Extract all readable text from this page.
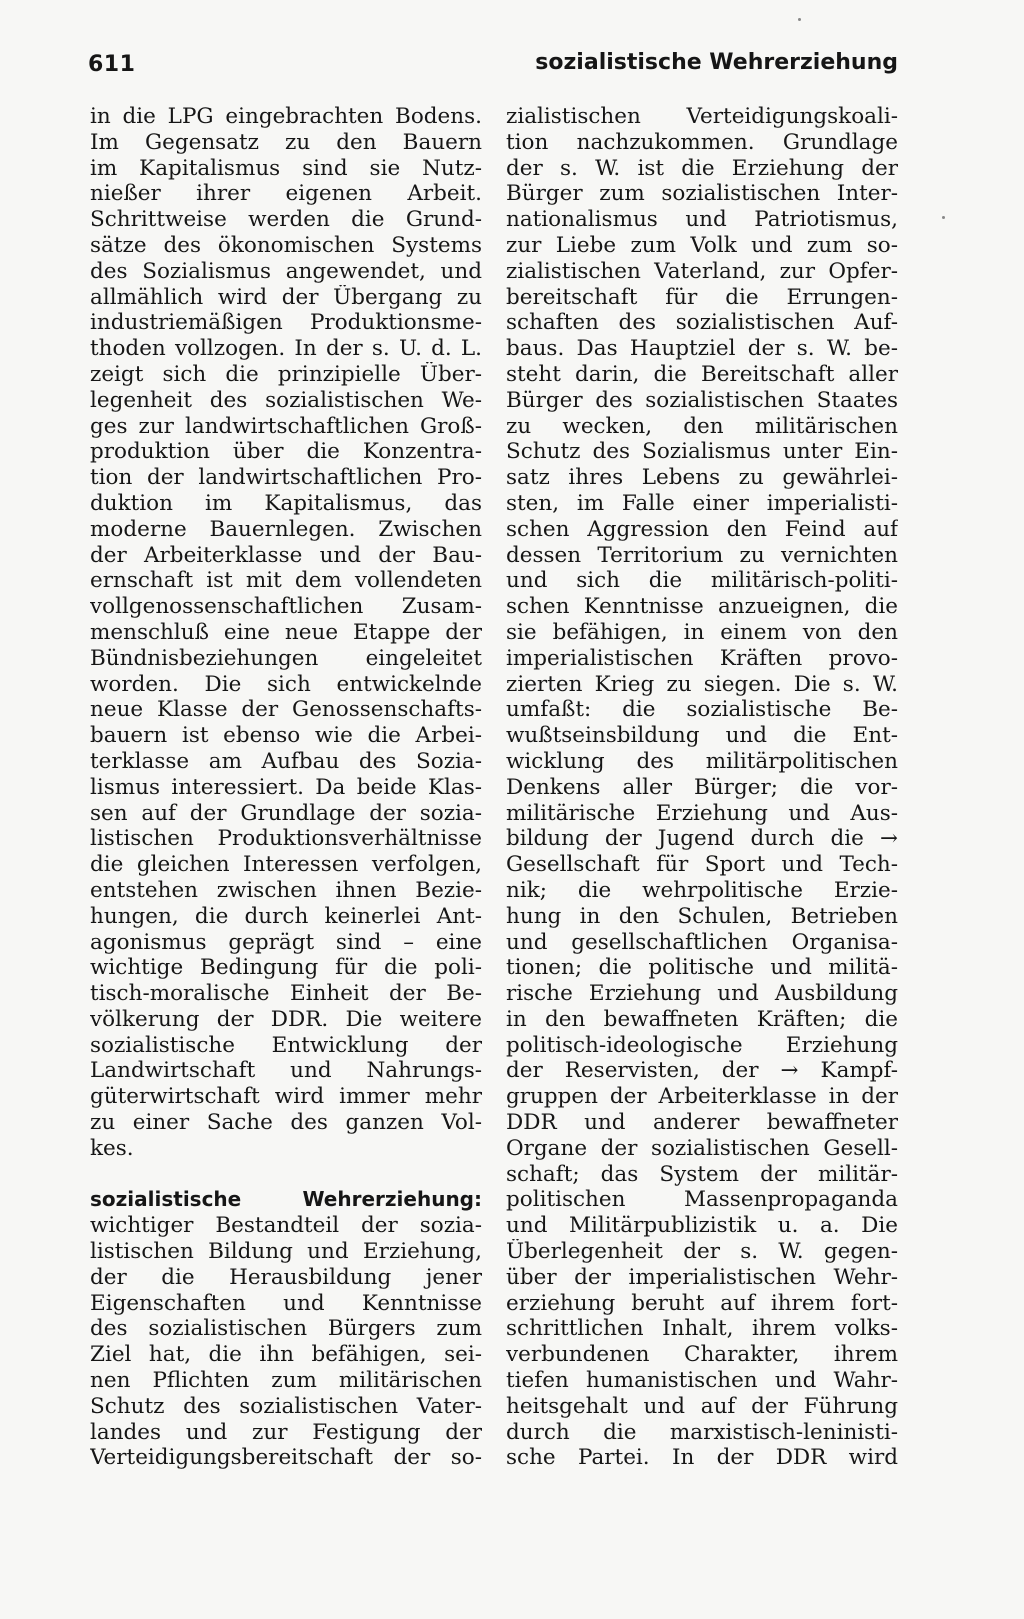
611	sozialistische Wehrerziehung
in die LPG eingebrachten Bodens.
Im Gegensatz zu den Bauern
im Kapitalismus sind sie Nutz-
nießer ihrer eigenen Arbeit.
Schrittweise werden die Grund-
sätze des ökonomischen Systems
des Sozialismus angewendet, und
allmählich wird der Übergang zu
industriemäßigen Produktionsme-
thoden vollzogen. In der s. U. d. L.
zeigt sich die prinzipielle Über-
legenheit des sozialistischen We-
ges zur landwirtschaftlichen Groß-
produktion über die Konzentra-
tion der landwirtschaftlichen Pro-
duktion im Kapitalismus, das
moderne Bauernlegen. Zwischen
der Arbeiterklasse und der Bau-
ernschaft ist mit dem vollendeten
vollgenossenschaftlichen Zusam-
menschluß eine neue Etappe der
Bündnisbeziehungen eingeleitet
worden. Die sich entwickelnde
neue Klasse der Genossenschafts-
bauern ist ebenso wie die Arbei-
terklasse am Aufbau des Sozia-
lismus interessiert. Da beide Klas-
sen auf der Grundlage der sozia-
listischen Produktionsverhältnisse
die gleichen Interessen verfolgen,
entstehen zwischen ihnen Bezie-
hungen, die durch keinerlei Ant-
agonismus geprägt sind – eine
wichtige Bedingung für die poli-
tisch-moralische Einheit der Be-
völkerung der DDR. Die weitere
sozialistische Entwicklung der
Landwirtschaft und Nahrungs-
güterwirtschaft wird immer mehr
zu einer Sache des ganzen Vol-
kes.
sozialistische Wehrerziehung:
wichtiger Bestandteil der sozia-
listischen Bildung und Erziehung,
der die Herausbildung jener
Eigenschaften und Kenntnisse
des sozialistischen Bürgers zum
Ziel hat, die ihn befähigen, sei-
nen Pflichten zum militärischen
Schutz des sozialistischen Vater-
landes und zur Festigung der
Verteidigungsbereitschaft der so-
zialistischen Verteidigungskoali-
tion nachzukommen. Grundlage
der s. W. ist die Erziehung der
Bürger zum sozialistischen Inter-
nationalismus und Patriotismus,
zur Liebe zum Volk und zum so-
zialistischen Vaterland, zur Opfer-
bereitschaft für die Errungen-
schaften des sozialistischen Auf-
baus. Das Hauptziel der s. W. be-
steht darin, die Bereitschaft aller
Bürger des sozialistischen Staates
zu wecken, den militärischen
Schutz des Sozialismus unter Ein-
satz ihres Lebens zu gewährlei-
sten, im Falle einer imperialisti-
schen Aggression den Feind auf
dessen Territorium zu vernichten
und sich die militärisch-politi-
schen Kenntnisse anzueignen, die
sie befähigen, in einem von den
imperialistischen Kräften provo-
zierten Krieg zu siegen. Die s. W.
umfaßt: die sozialistische Be-
wußtseinsbildung und die Ent-
wicklung des militärpolitischen
Denkens aller Bürger; die vor-
militärische Erziehung und Aus-
bildung der Jugend durch die →
Gesellschaft für Sport und Tech-
nik; die wehrpolitische Erzie-
hung in den Schulen, Betrieben
und gesellschaftlichen Organisa-
tionen; die politische und militä-
rische Erziehung und Ausbildung
in den bewaffneten Kräften; die
politisch-ideologische Erziehung
der Reservisten, der → Kampf-
gruppen der Arbeiterklasse in der
DDR und anderer bewaffneter
Organe der sozialistischen Gesell-
schaft; das System der militär-
politischen Massenpropaganda
und Militärpublizistik u. a. Die
Überlegenheit der s. W. gegen-
über der imperialistischen Wehr-
erziehung beruht auf ihrem fort-
schrittlichen Inhalt, ihrem volks-
verbundenen Charakter, ihrem
tiefen humanistischen und Wahr-
heitsgehalt und auf der Führung
durch die marxistisch-leninisti-
sche Partei. In der DDR wird
